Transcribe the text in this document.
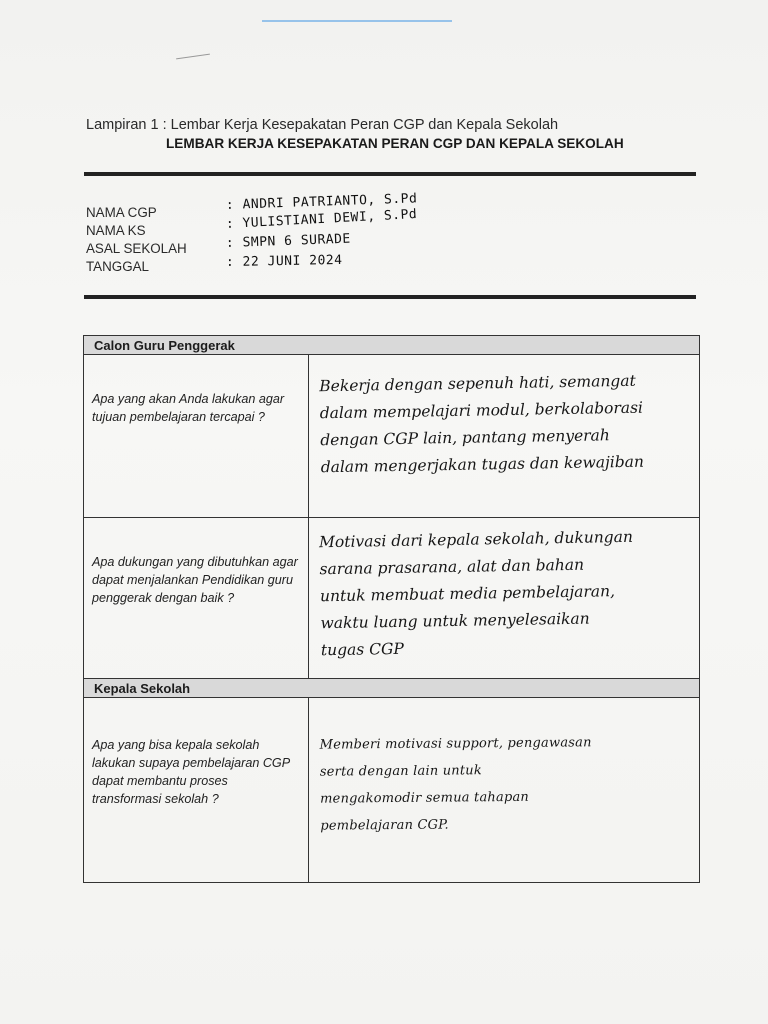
Lampiran 1 : Lembar Kerja Kesepakatan Peran CGP dan Kepala Sekolah
LEMBAR KERJA KESEPAKATAN PERAN CGP DAN KEPALA SEKOLAH
NAMA CGP
NAMA KS
ASAL SEKOLAH
TANGGAL
: ANDRI PATRIANTO, S.Pd
: YULISTIANI DEWI, S.Pd
: SMPN 6 SURADE
: 22 JUNI 2024
Calon Guru Penggerak
Apa yang akan Anda lakukan agar tujuan pembelajaran tercapai ?
Bekerja dengan sepenuh hati, semangat
dalam mempelajari modul, berkolaborasi
dengan CGP lain, pantang menyerah
dalam mengerjakan tugas dan kewajiban
Apa dukungan yang dibutuhkan agar dapat menjalankan Pendidikan guru penggerak dengan baik ?
Motivasi dari kepala sekolah, dukungan
sarana prasarana, alat dan bahan
untuk membuat media pembelajaran,
waktu luang untuk menyelesaikan
tugas CGP
Kepala Sekolah
Apa yang bisa kepala sekolah lakukan supaya pembelajaran CGP dapat membantu proses transformasi sekolah ?
Memberi motivasi support, pengawasan
serta dengan lain untuk
mengakomodir semua tahapan
pembelajaran CGP.
